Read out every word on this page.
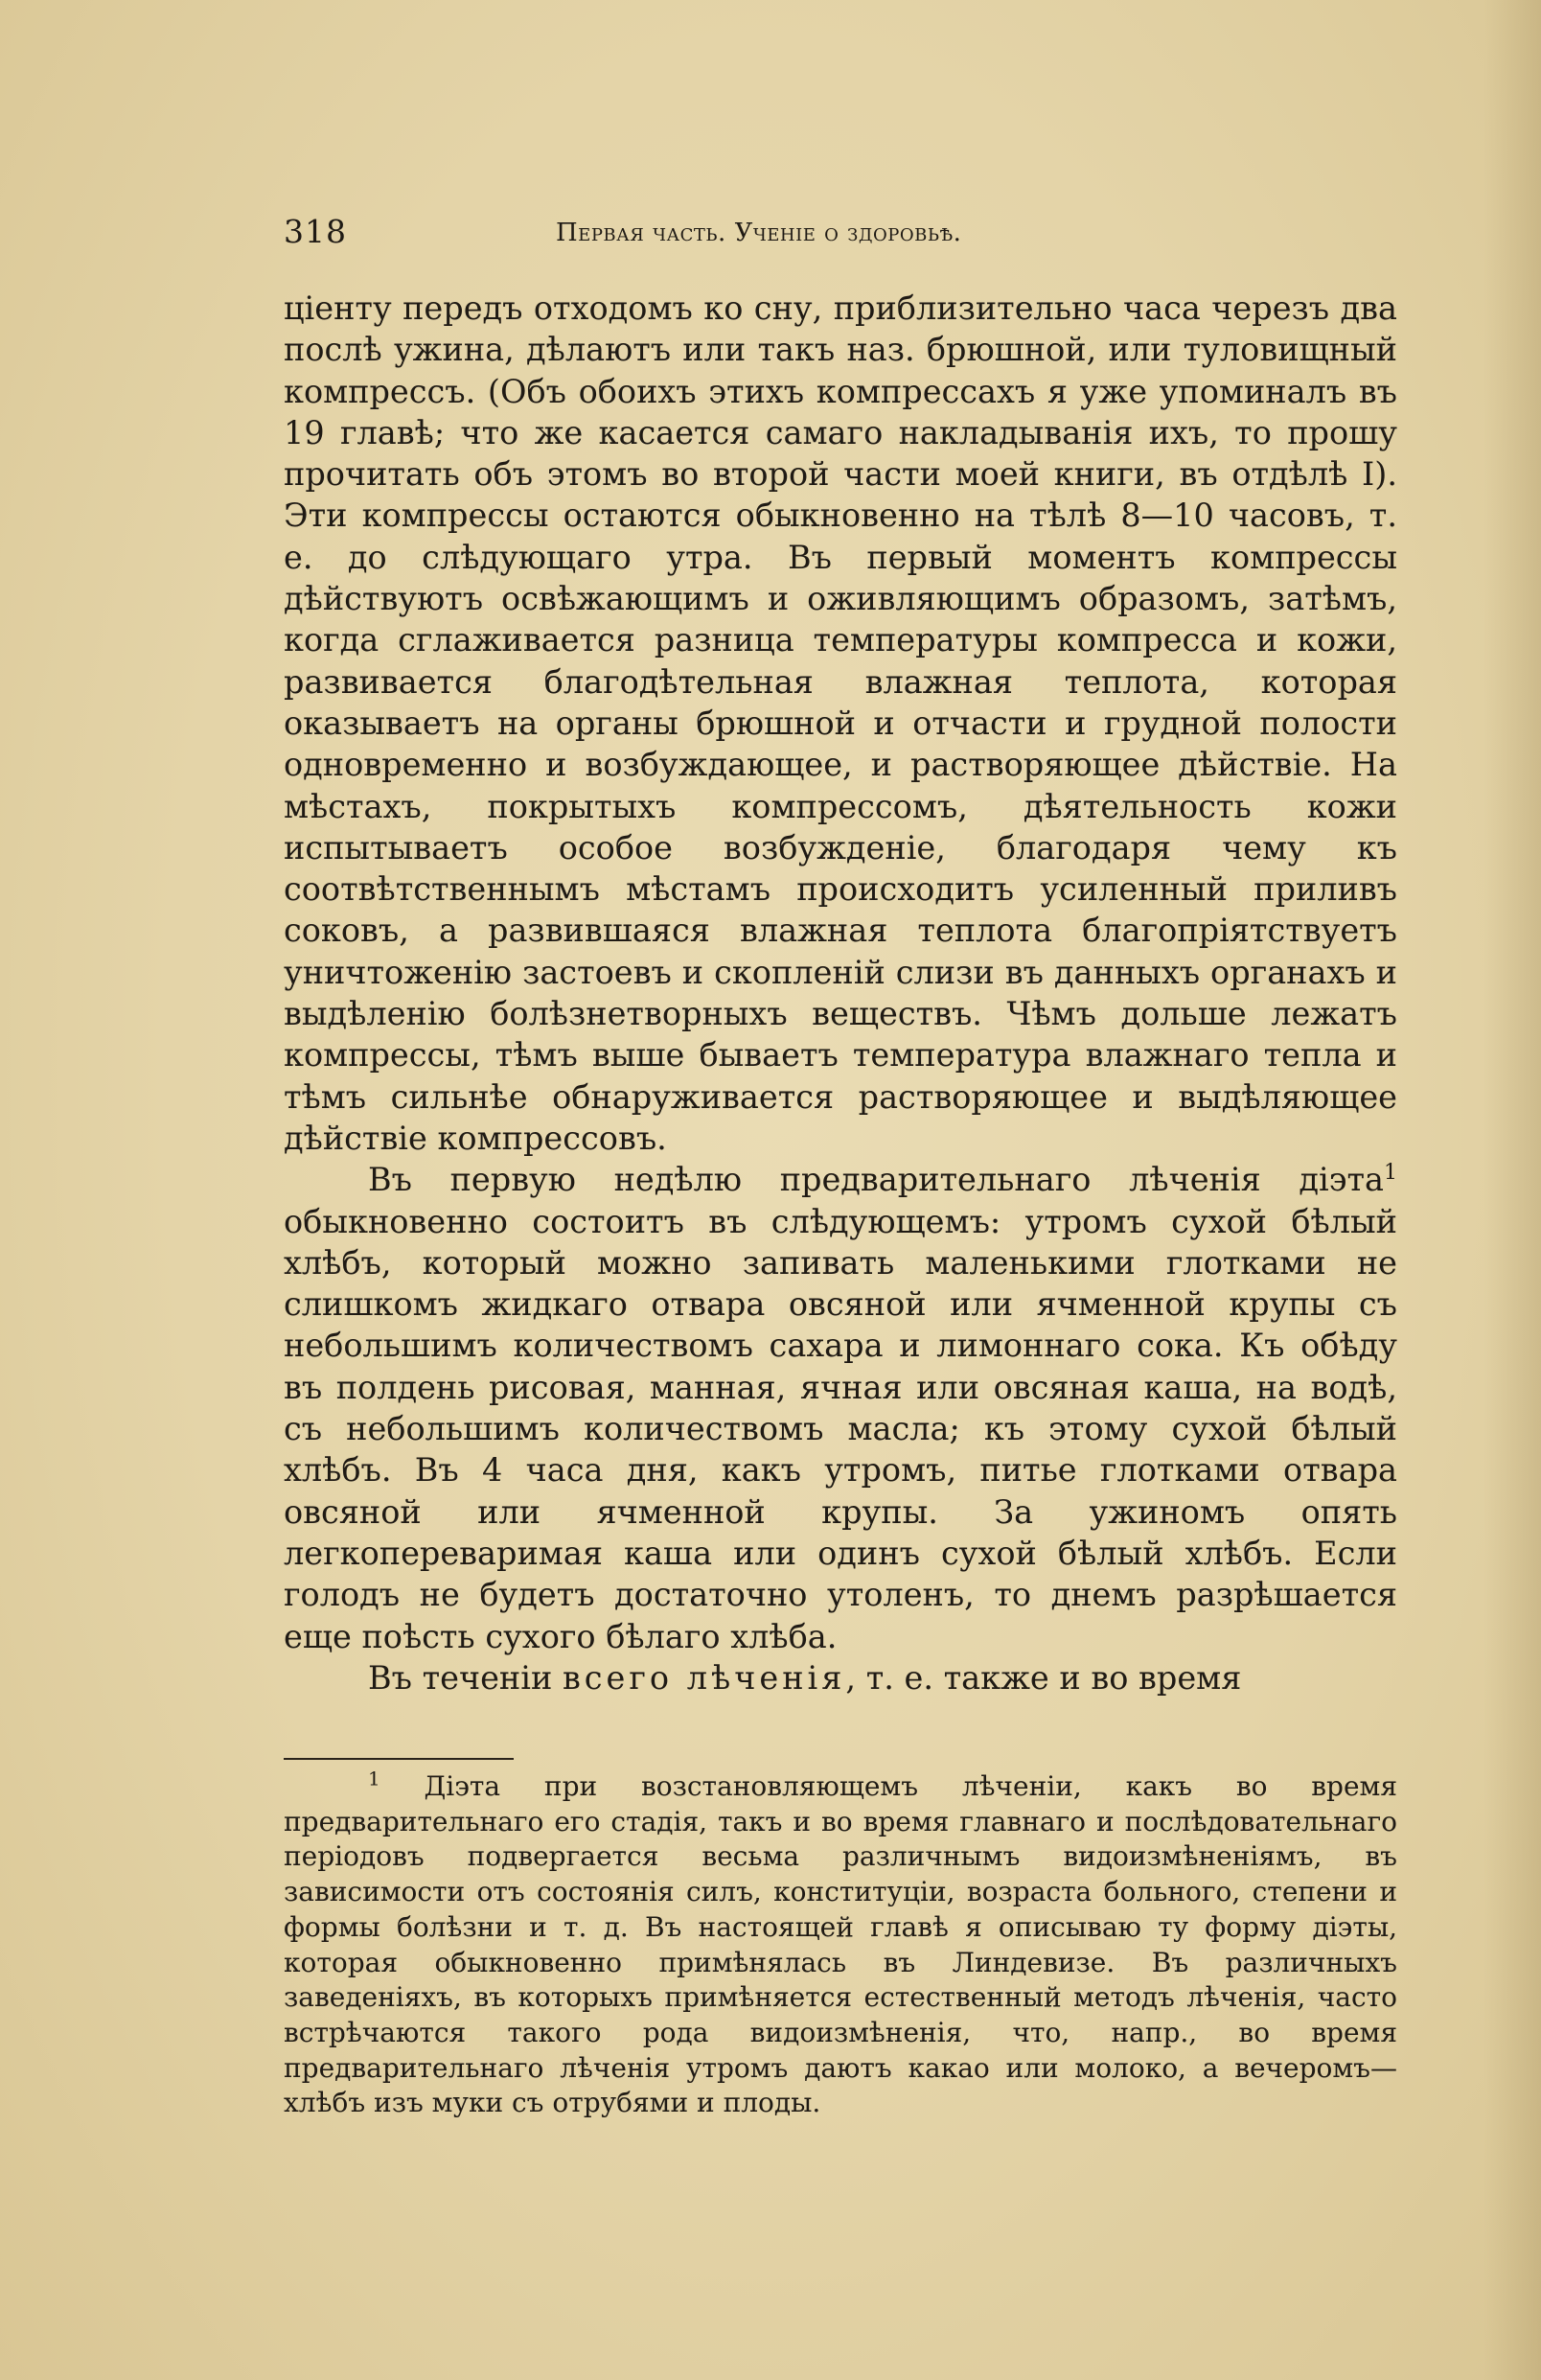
318	Первая часть. Ученіе о здоровьѣ.

ціенту передъ отходомъ ко сну, приблизительно часа черезъ два послѣ ужина, дѣлаютъ или такъ наз. брюшной, или туловищный компрессъ. (Объ обоихъ этихъ компрессахъ я уже упоминалъ въ 19 главѣ; что же касается самаго накладыванія ихъ, то прошу прочитать объ этомъ во второй части моей книги, въ отдѣлѣ I). Эти компрессы остаются обыкновенно на тѣлѣ 8—10 часовъ, т. е. до слѣдующаго утра. Въ первый моментъ компрессы дѣйствуютъ освѣжающимъ и оживляющимъ образомъ, затѣмъ, когда сглаживается разница температуры компресса и кожи, развивается благодѣтельная влажная теплота, которая оказываетъ на органы брюшной и отчасти и грудной полости одновременно и возбуждающее, и растворяющее дѣйствіе. На мѣстахъ, покрытыхъ компрессомъ, дѣятельность кожи испытываетъ особое возбужденіе, благодаря чему къ соотвѣтственнымъ мѣстамъ происходитъ усиленный приливъ соковъ, а развившаяся влажная теплота благопріятствуетъ уничтоженію застоевъ и скопленій слизи въ данныхъ органахъ и выдѣленію болѣзнетворныхъ веществъ. Чѣмъ дольше лежатъ компрессы, тѣмъ выше бываетъ температура влажнаго тепла и тѣмъ сильнѣе обнаруживается растворяющее и выдѣляющее дѣйствіе компрессовъ.

Въ первую недѣлю предварительнаго лѣченія діэта$^1$ обыкновенно состоитъ въ слѣдующемъ: утромъ сухой бѣлый хлѣбъ, который можно запивать маленькими глотками не слишкомъ жидкаго отвара овсяной или ячменной крупы съ небольшимъ количествомъ сахара и лимоннаго сока. Къ обѣду въ полдень рисовая, манная, ячная или овсяная каша, на водѣ, съ небольшимъ количествомъ масла; къ этому сухой бѣлый хлѣбъ. Въ 4 часа дня, какъ утромъ, питье глотками отвара овсяной или ячменной крупы. За ужиномъ опять легкопереваримая каша или одинъ сухой бѣлый хлѣбъ. Если голодъ не будетъ достаточно утоленъ, то днемъ разрѣшается еще поѣсть сухого бѣлаго хлѣба.

Въ теченіи всего лѣченія, т. е. также и во время

$^1$ Діэта при возстановляющемъ лѣченіи, какъ во время предварительнаго его стадія, такъ и во время главнаго и послѣдовательнаго періодовъ подвергается весьма различнымъ видоизмѣненіямъ, въ зависимости отъ состоянія силъ, конституціи, возраста больного, степени и формы болѣзни и т. д. Въ настоящей главѣ я описываю ту форму діэты, которая обыкновенно примѣнялась въ Линдевизе. Въ различныхъ заведеніяхъ, въ которыхъ примѣняется естественный методъ лѣченія, часто встрѣчаются такого рода видоизмѣненія, что, напр., во время предварительнаго лѣченія утромъ даютъ какао или молоко, а вечеромъ—хлѣбъ изъ муки съ отрубями и плоды.
